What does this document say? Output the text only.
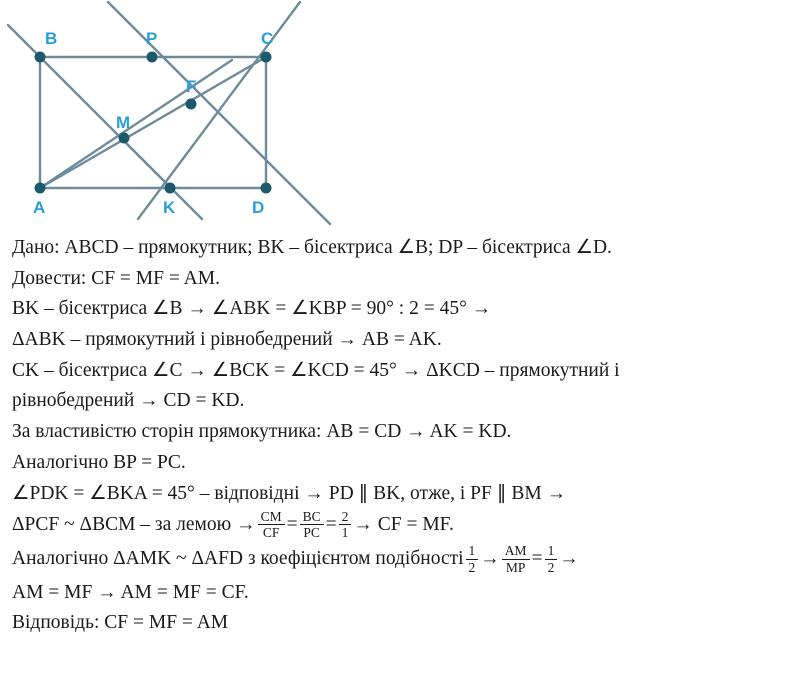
A
B	C
D
P
K
M
F

Дано: ABCD – прямокутник; BK – бісектриса ∠B; DP – бісектриса ∠D.

Довести: CF = MF = AM.

BK – бісектриса ∠B → ∠ABK = ∠KBP = 90° : 2 = 45° →

ΔABK – прямокутний і рівнобедрений → AB = AK.

CK – бісектриса ∠C → ∠BCK = ∠KCD = 45° → ΔKCD – прямокутний і

рівнобедрений → CD = KD.

За властивістю сторін прямокутника: AB = CD → AK = KD.

Аналогічно BP = PC.

∠PDK = ∠BKA = 45° – відповідні → PD ∥ BK, отже, і PF ∥ BM →

ΔPCF ~ ΔBCM – за лемою → $\frac{CM}{CF} = \frac{BC}{PC} = \frac{2}{1}$ → CF = MF.

Аналогічно ΔAMK ~ ΔAFD з коефіцієнтом подібності $\frac{1}{2} \to \frac{AM}{MP} = \frac{1}{2}$ →

AM = MF → AM = MF = CF.

Відповідь: CF = MF = AM
